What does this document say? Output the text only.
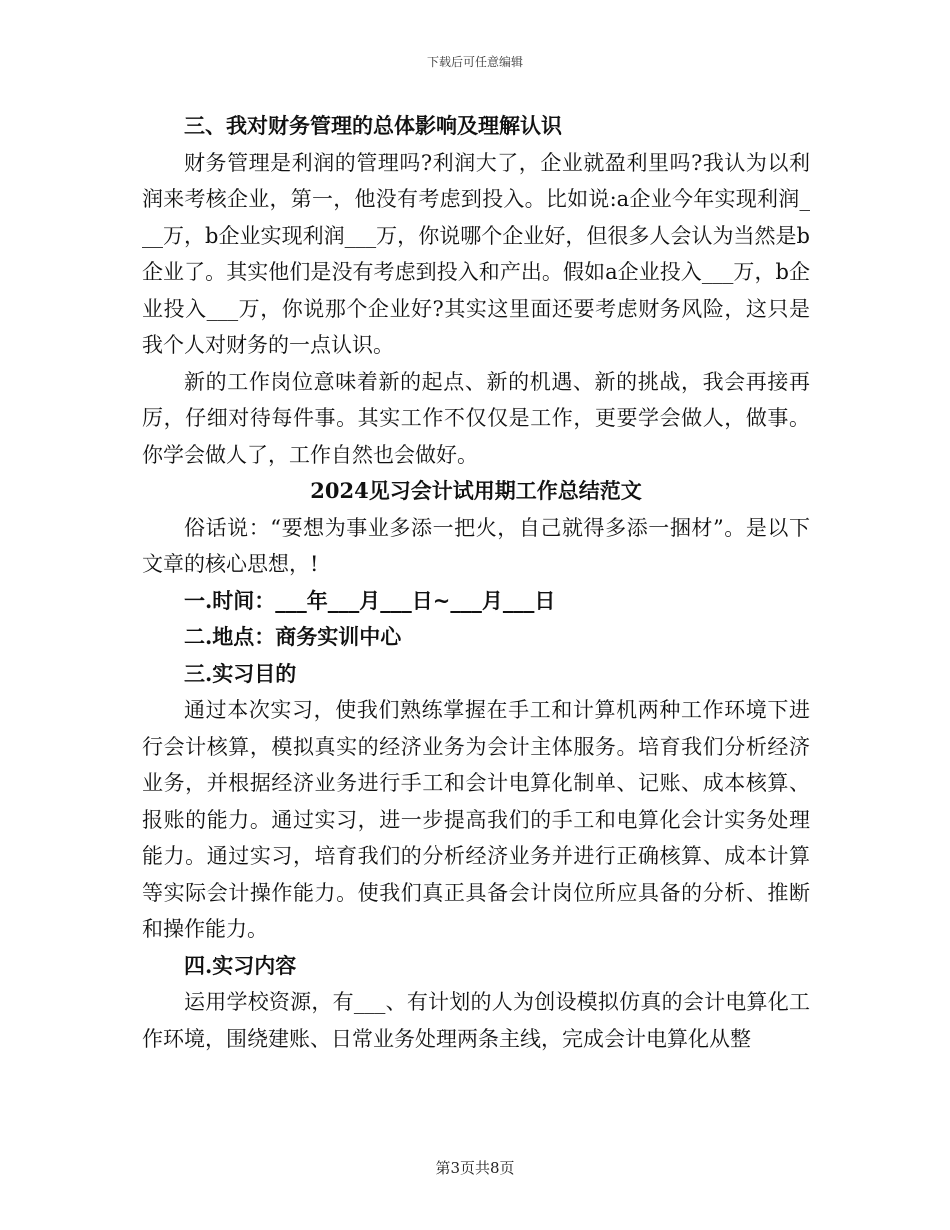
下载后可任意编辑

三、我对财务管理的总体影响及理解认识

财务管理是利润的管理吗?利润大了，企业就盈利里吗?我认为以利润来考核企业，第一，他没有考虑到投入。比如说:a企业今年实现利润___万，b企业实现利润___万，你说哪个企业好，但很多人会认为当然是b企业了。其实他们是没有考虑到投入和产出。假如a企业投入___万，b企业投入___万，你说那个企业好?其实这里面还要考虑财务风险，这只是我个人对财务的一点认识。

新的工作岗位意味着新的起点、新的机遇、新的挑战，我会再接再厉，仔细对待每件事。其实工作不仅仅是工作，更要学会做人，做事。你学会做人了，工作自然也会做好。

2024见习会计试用期工作总结范文

俗话说：“要想为事业多添一把火，自己就得多添一捆材”。是以下文章的核心思想，!

一.时间：___年___月___日~___月___日

二.地点：商务实训中心

三.实习目的

通过本次实习，使我们熟练掌握在手工和计算机两种工作环境下进行会计核算，模拟真实的经济业务为会计主体服务。培育我们分析经济业务，并根据经济业务进行手工和会计电算化制单、记账、成本核算、报账的能力。通过实习，进一步提高我们的手工和电算化会计实务处理能力。通过实习，培育我们的分析经济业务并进行正确核算、成本计算等实际会计操作能力。使我们真正具备会计岗位所应具备的分析、推断和操作能力。

四.实习内容

运用学校资源，有___、有计划的人为创设模拟仿真的会计电算化工作环境，围绕建账、日常业务处理两条主线，完成会计电算化从整

第3页共8页
